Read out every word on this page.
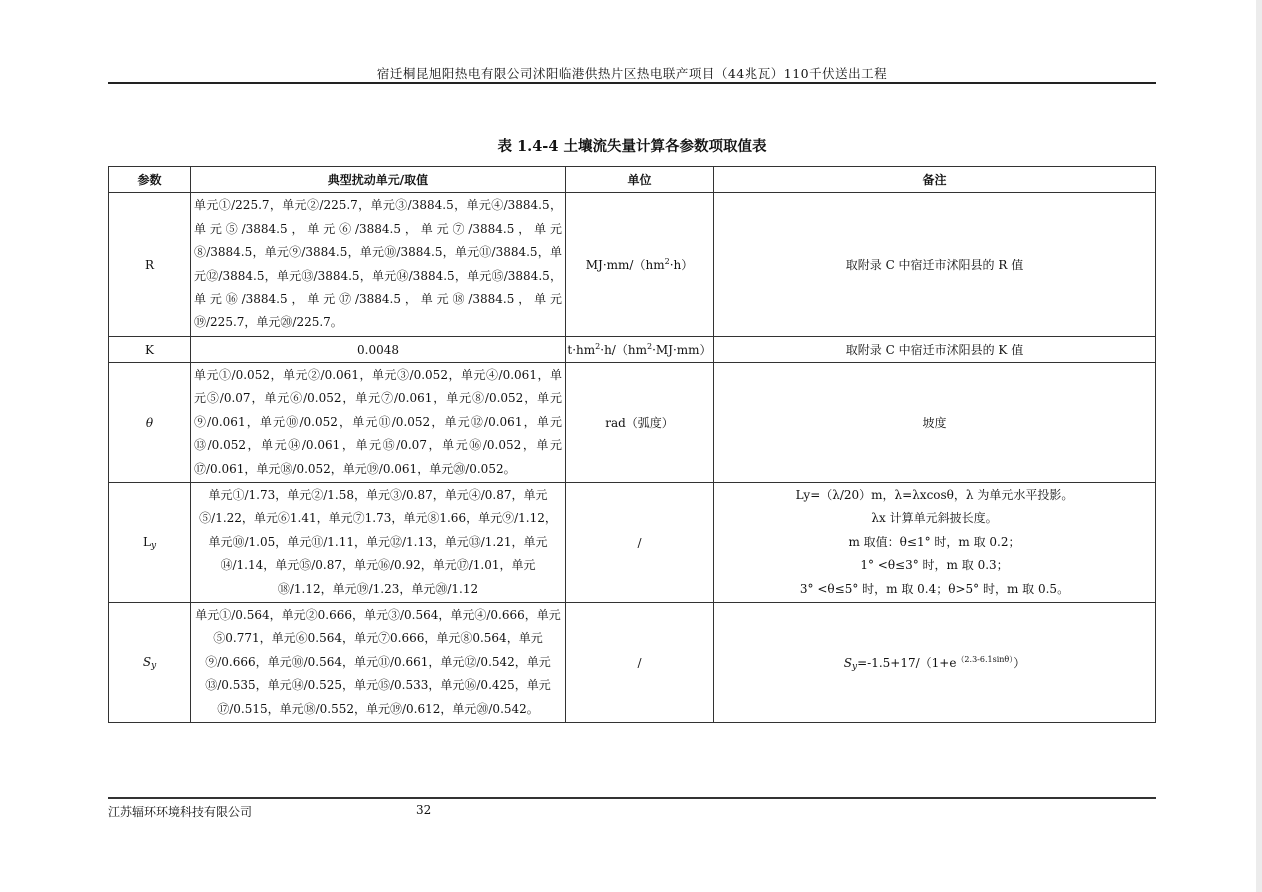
宿迁桐昆旭阳热电有限公司沭阳临港供热片区热电联产项目（44兆瓦）110千伏送出工程
表 1.4-4 土壤流失量计算各参数项取值表
参数	典型扰动单元/取值	单位	备注
R	单元①/225.7，单元②/225.7，单元③/3884.5，单元④/3884.5，单元⑤/3884.5，单元⑥/3884.5，单元⑦/3884.5，单元⑧/3884.5，单元⑨/3884.5，单元⑩/3884.5，单元⑪/3884.5，单元⑫/3884.5，单元⑬/3884.5，单元⑭/3884.5，单元⑮/3884.5，单元⑯/3884.5，单元⑰/3884.5，单元⑱/3884.5，单元⑲/225.7，单元⑳/225.7。	$MJ\cdot mm/(hm^2\cdot h)$	取附录 C 中宿迁市沭阳县的 R 值
K	0.0048	$t\cdot hm^2\cdot h/(hm^2\cdot MJ\cdot mm)$	取附录 C 中宿迁市沭阳县的 K 值
θ	单元①/0.052，单元②/0.061，单元③/0.052，单元④/0.061，单元⑤/0.07，单元⑥/0.052，单元⑦/0.061，单元⑧/0.052，单元⑨/0.061，单元⑩/0.052，单元⑪/0.052，单元⑫/0.061，单元⑬/0.052，单元⑭/0.061，单元⑮/0.07，单元⑯/0.052，单元⑰/0.061，单元⑱/0.052，单元⑲/0.061，单元⑳/0.052。	rad（弧度）	坡度
$L_y$	单元①/1.73，单元②/1.58，单元③/0.87，单元④/0.87，单元⑤/1.22，单元⑥1.41，单元⑦1.73，单元⑧1.66，单元⑨/1.12，单元⑩/1.05，单元⑪/1.11，单元⑫/1.13，单元⑬/1.21，单元⑭/1.14，单元⑮/0.87，单元⑯/0.92，单元⑰/1.01，单元⑱/1.12，单元⑲/1.23，单元⑳/1.12	/	Ly=（λ/20）m，λ=λxcosθ，λ 为单元水平投影。
λx 计算单元斜披长度。
m 取值：θ≤1° 时，m 取 0.2；
1° <θ≤3° 时，m 取 0.3；
3° <θ≤5° 时，m 取 0.4；θ>5° 时，m 取 0.5。

$S_y$	单元①/0.564，单元②0.666，单元③/0.564，单元④/0.666，单元⑤0.771，单元⑥0.564，单元⑦0.666，单元⑧0.564，单元⑨/0.666，单元⑩/0.564，单元⑪/0.661，单元⑫/0.542，单元⑬/0.535，单元⑭/0.525，单元⑮/0.533，单元⑯/0.425，单元⑰/0.515，单元⑱/0.552，单元⑲/0.612，单元⑳/0.542。	/	$S_y=-1.5+17/(1+e^{(2.3-6.1sin\theta)})$
江苏辐环环境科技有限公司	32
